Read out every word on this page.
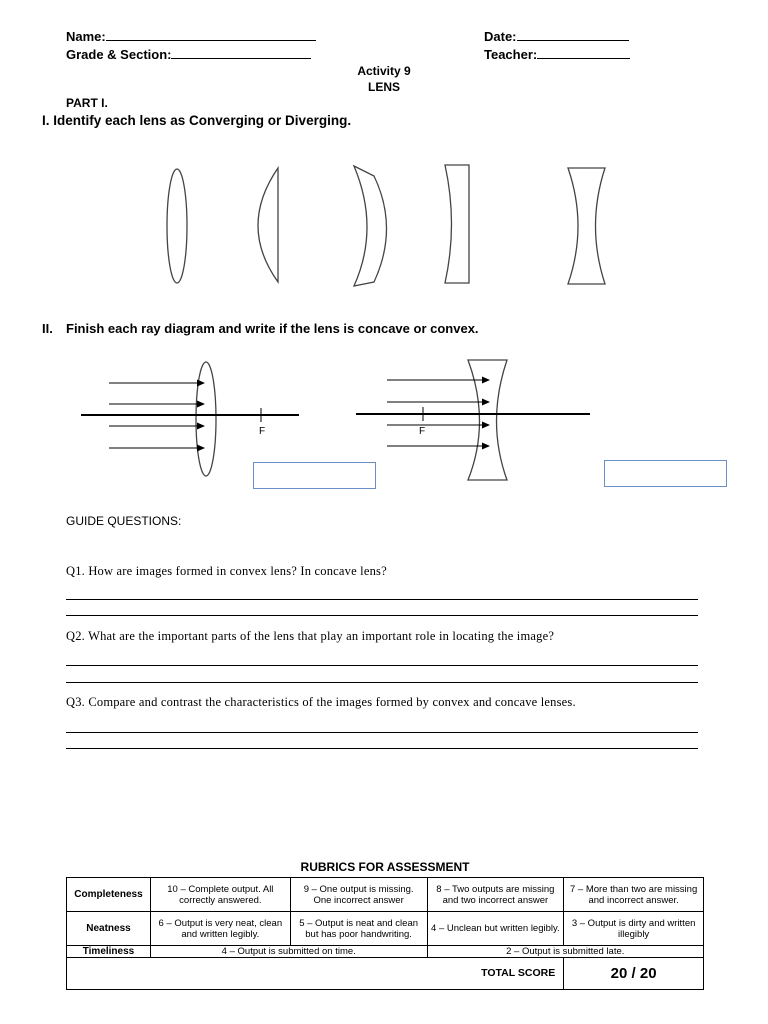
Name:	Date:
Grade & Section:	Teacher:
Activity 9
LENS
PART I.
I. Identify each lens as Converging or Diverging.
II. Finish each ray diagram and write if the lens is concave or convex.
F	F
GUIDE QUESTIONS:
Q1. How are images formed in convex lens? In concave lens?
Q2. What are the important parts of the lens that play an important role in locating the image?
Q3. Compare and contrast the characteristics of the images formed by convex and concave lenses.
RUBRICS FOR ASSESSMENT
Completeness	10 – Complete output. All correctly answered.	9 – One output is missing. One incorrect answer	8 – Two outputs are missing and two incorrect answer	7 – More than two are missing and incorrect answer.
Neatness	6 – Output is very neat, clean and written legibly.	5 – Output is neat and clean but has poor handwriting.	4 – Unclean but written legibly.	3 – Output is dirty and written illegibly
Timeliness	4 – Output is submitted on time.		2 – Output is submitted late.	
TOTAL SCORE				20 / 20
